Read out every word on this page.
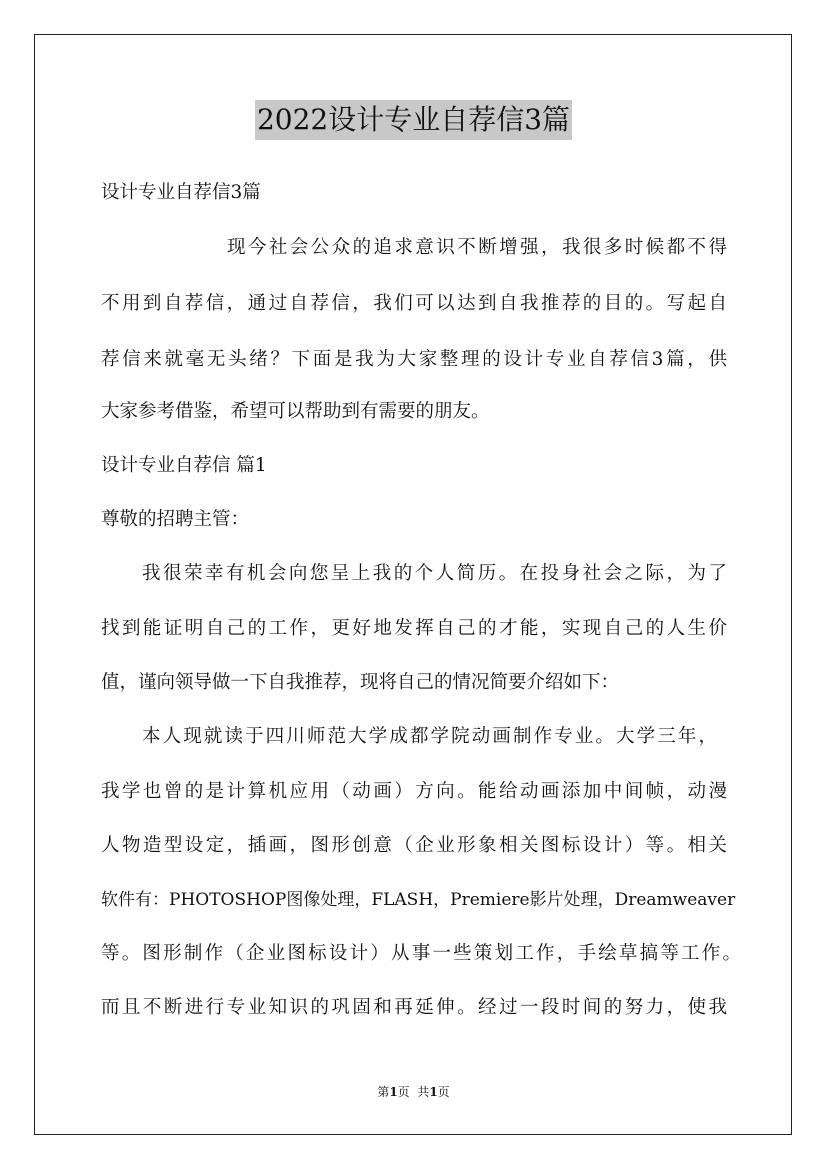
2022设计专业自荐信3篇
设计专业自荐信3篇
现今社会公众的追求意识不断增强，我很多时候都不得
不用到自荐信，通过自荐信，我们可以达到自我推荐的目的。写起自
荐信来就毫无头绪？下面是我为大家整理的设计专业自荐信3篇，供
大家参考借鉴，希望可以帮助到有需要的朋友。
设计专业自荐信 篇1
尊敬的招聘主管：
我很荣幸有机会向您呈上我的个人简历。在投身社会之际，为了
找到能证明自己的工作，更好地发挥自己的才能，实现自己的人生价
值，谨向领导做一下自我推荐，现将自己的情况简要介绍如下：
本人现就读于四川师范大学成都学院动画制作专业。大学三年，
我学也曾的是计算机应用（动画）方向。能给动画添加中间帧，动漫
人物造型设定，插画，图形创意（企业形象相关图标设计）等。相关
软件有：PHOTOSHOP图像处理，FLASH，Premiere影片处理，Dreamweaver
等。图形制作（企业图标设计）从事一些策划工作，手绘草搞等工作。
而且不断进行专业知识的巩固和再延伸。经过一段时间的努力，使我
第1页  共1页
